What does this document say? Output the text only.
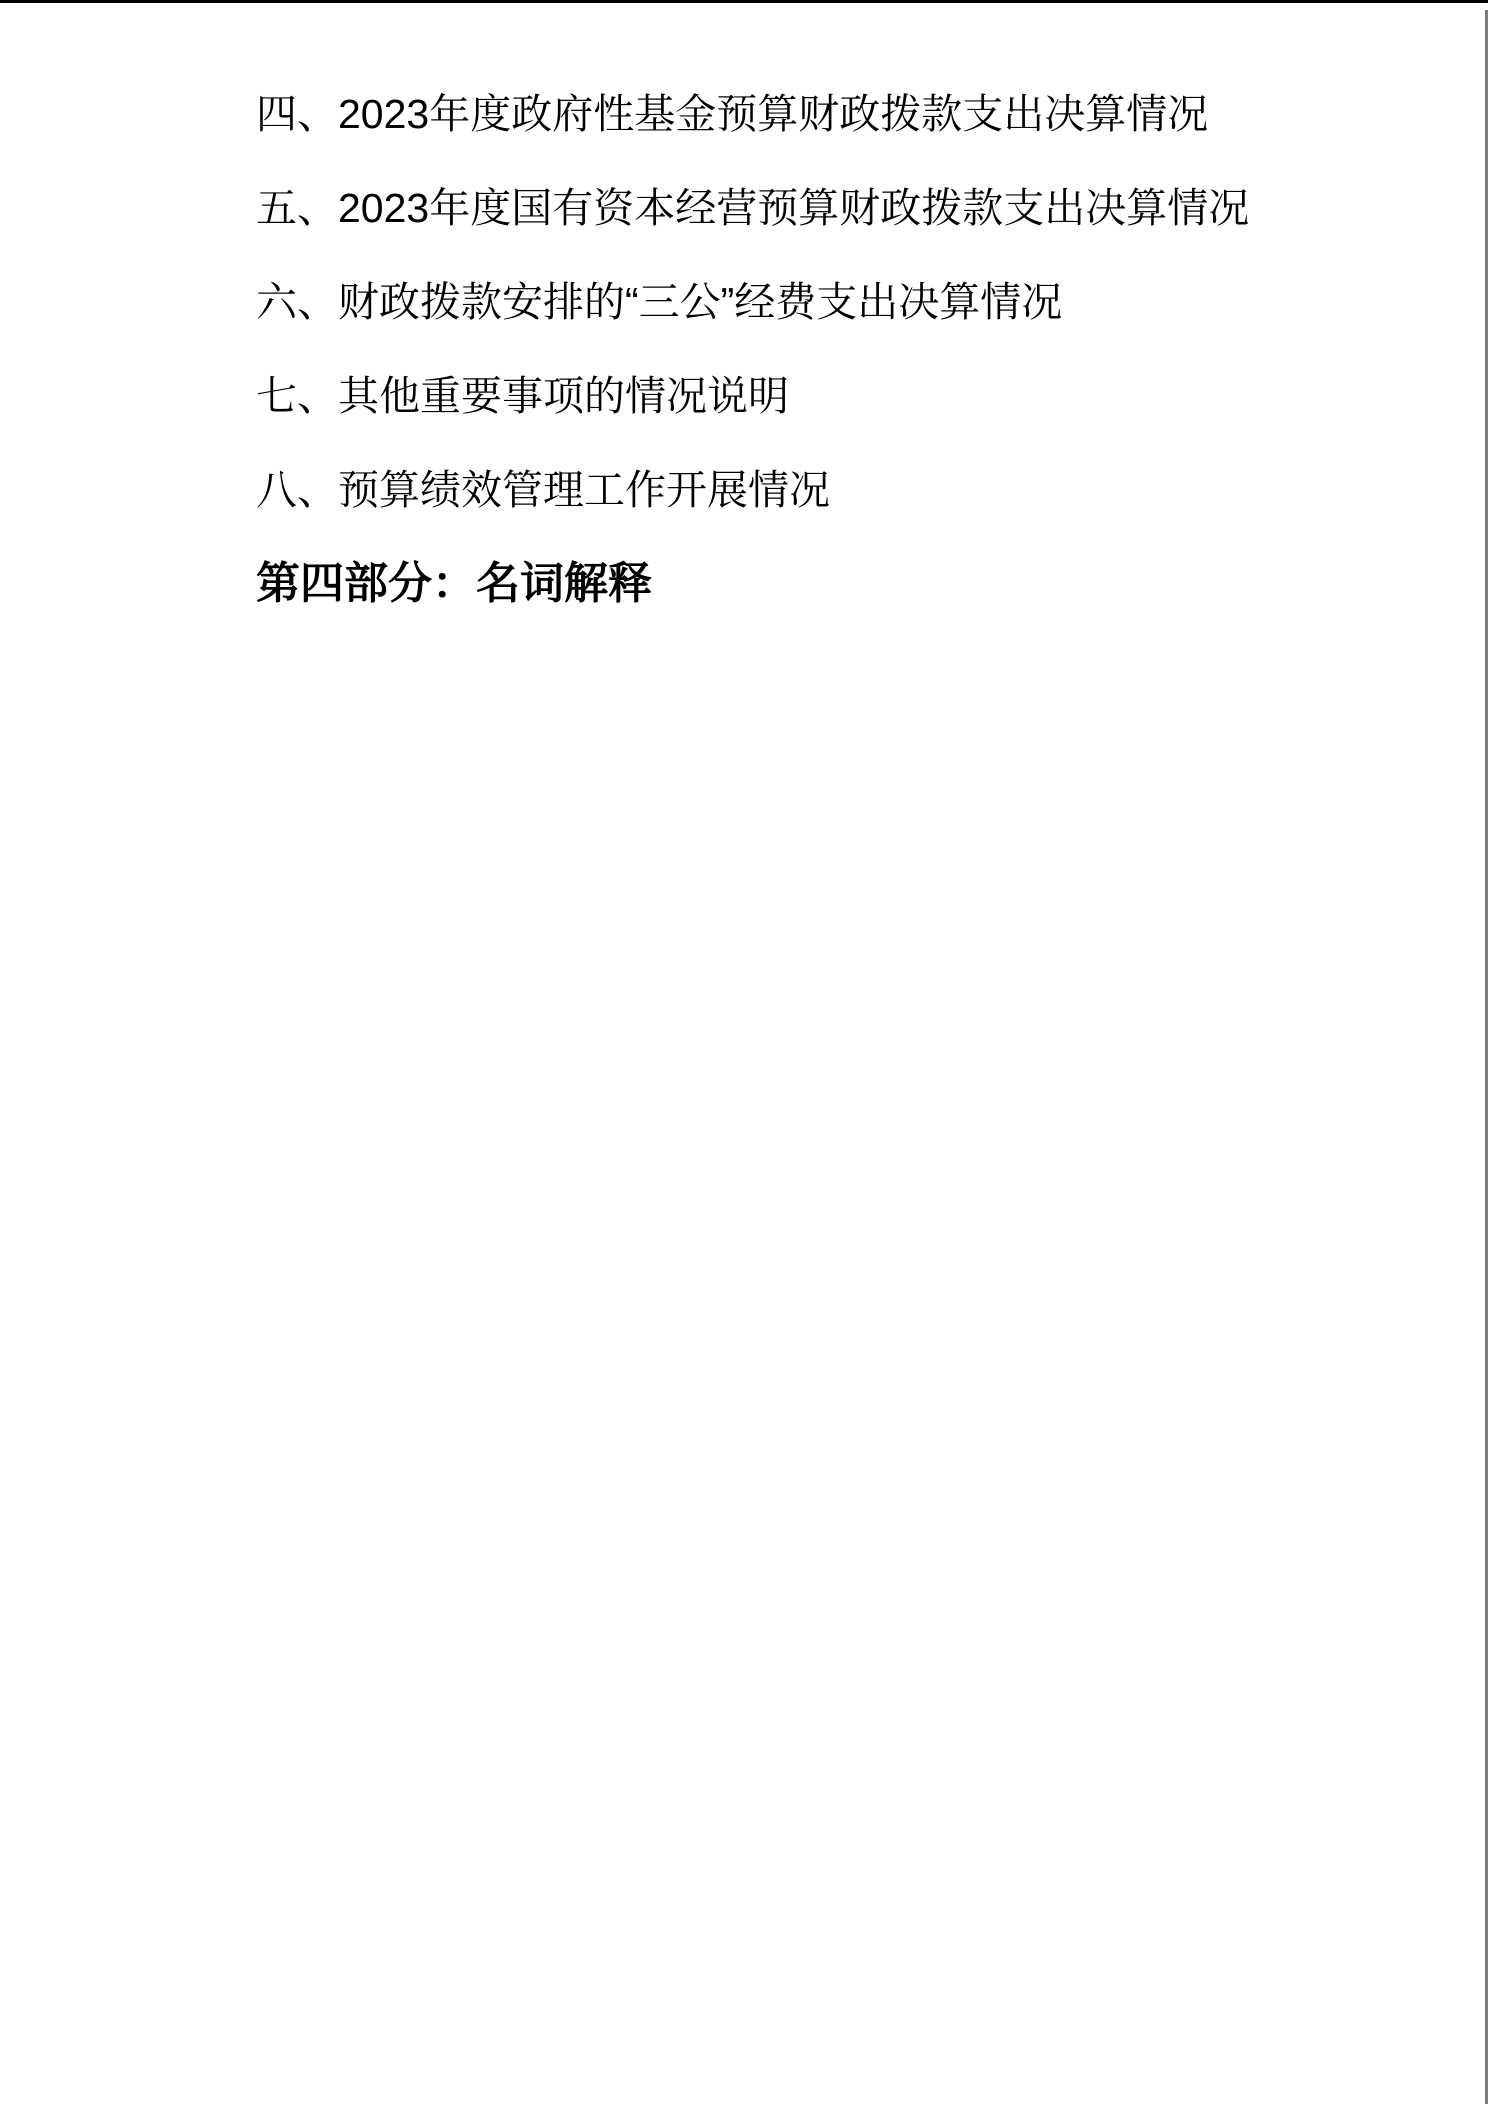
四、2023年度政府性基金预算财政拨款支出决算情况

五、2023年度国有资本经营预算财政拨款支出决算情况

六、财政拨款安排的“三公”经费支出决算情况

七、其他重要事项的情况说明

八、预算绩效管理工作开展情况

第四部分：名词解释
